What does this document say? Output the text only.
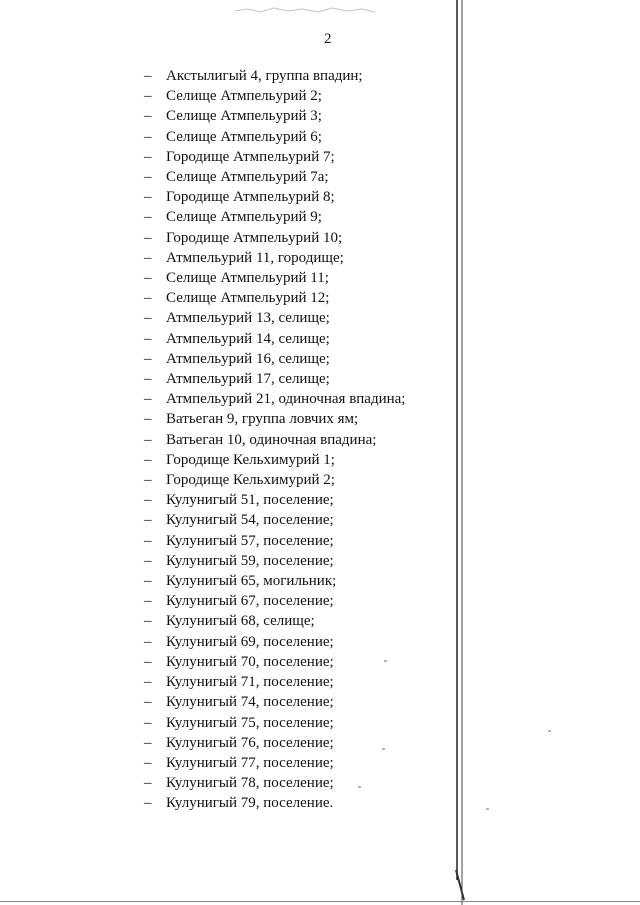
2
– Акстылигый 4, группа впадин;
– Селище Атмпельурий 2;
– Селище Атмпельурий 3;
– Селище Атмпельурий 6;
– Городище Атмпельурий 7;
– Селище Атмпельурий 7а;
– Городище Атмпельурий 8;
– Селище Атмпельурий 9;
– Городище Атмпельурий 10;
– Атмпельурий 11, городище;
– Селище Атмпельурий 11;
– Селище Атмпельурий 12;
– Атмпельурий 13, селище;
– Атмпельурий 14, селище;
– Атмпельурий 16, селище;
– Атмпельурий 17, селище;
– Атмпельурий 21, одиночная впадина;
– Ватьеган 9, группа ловчих ям;
– Ватьеган 10, одиночная впадина;
– Городище Кельхимурий 1;
– Городище Кельхимурий 2;
– Кулунигый 51, поселение;
– Кулунигый 54, поселение;
– Кулунигый 57, поселение;
– Кулунигый 59, поселение;
– Кулунигый 65, могильник;
– Кулунигый 67, поселение;
– Кулунигый 68, селище;
– Кулунигый 69, поселение;
– Кулунигый 70, поселение;
– Кулунигый 71, поселение;
– Кулунигый 74, поселение;
– Кулунигый 75, поселение;
– Кулунигый 76, поселение;
– Кулунигый 77, поселение;
– Кулунигый 78, поселение;
– Кулунигый 79, поселение.
